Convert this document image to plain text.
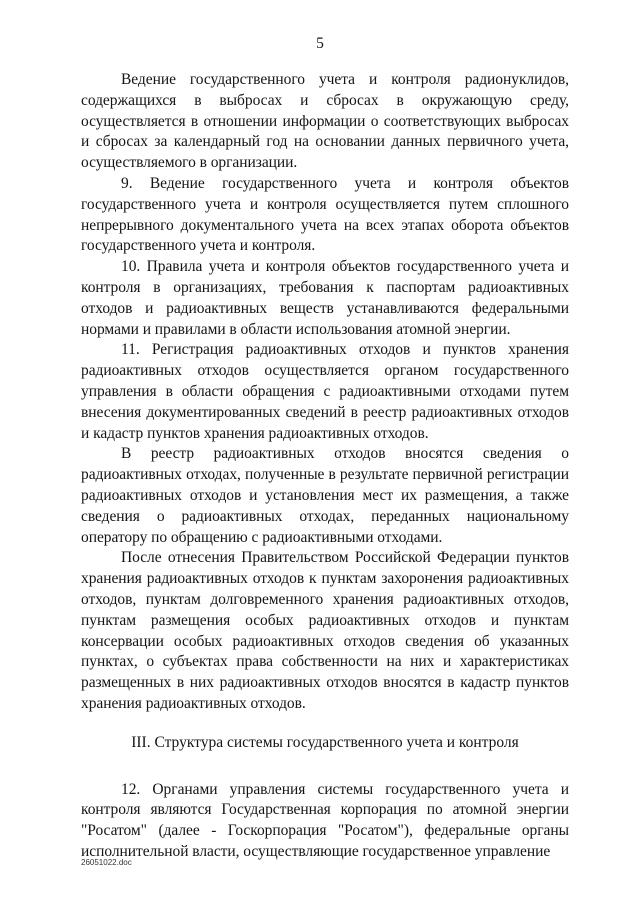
5

Ведение государственного учета и контроля радионуклидов, содержащихся в выбросах и сбросах в окружающую среду, осуществляется в отношении информации о соответствующих выбросах и сбросах за календарный год на основании данных первичного учета, осуществляемого в организации.

9. Ведение государственного учета и контроля объектов государственного учета и контроля осуществляется путем сплошного непрерывного документального учета на всех этапах оборота объектов государственного учета и контроля.

10. Правила учета и контроля объектов государственного учета и контроля в организациях, требования к паспортам радиоактивных отходов и радиоактивных веществ устанавливаются федеральными нормами и правилами в области использования атомной энергии.

11. Регистрация радиоактивных отходов и пунктов хранения радиоактивных отходов осуществляется органом государственного управления в области обращения с радиоактивными отходами путем внесения документированных сведений в реестр радиоактивных отходов и кадастр пунктов хранения радиоактивных отходов.

В реестр радиоактивных отходов вносятся сведения о радиоактивных отходах, полученные в результате первичной регистрации радиоактивных отходов и установления мест их размещения, а также сведения о радиоактивных отходах, переданных национальному оператору по обращению с радиоактивными отходами.

После отнесения Правительством Российской Федерации пунктов хранения радиоактивных отходов к пунктам захоронения радиоактивных отходов, пунктам долговременного хранения радиоактивных отходов, пунктам размещения особых радиоактивных отходов и пунктам консервации особых радиоактивных отходов сведения об указанных пунктах, о субъектах права собственности на них и характеристиках размещенных в них радиоактивных отходов вносятся в кадастр пунктов хранения радиоактивных отходов.

III. Структура системы государственного учета и контроля

12. Органами управления системы государственного учета и контроля являются Государственная корпорация по атомной энергии "Росатом" (далее - Госкорпорация "Росатом"), федеральные органы исполнительной власти, осуществляющие государственное управление

26051022.doc
